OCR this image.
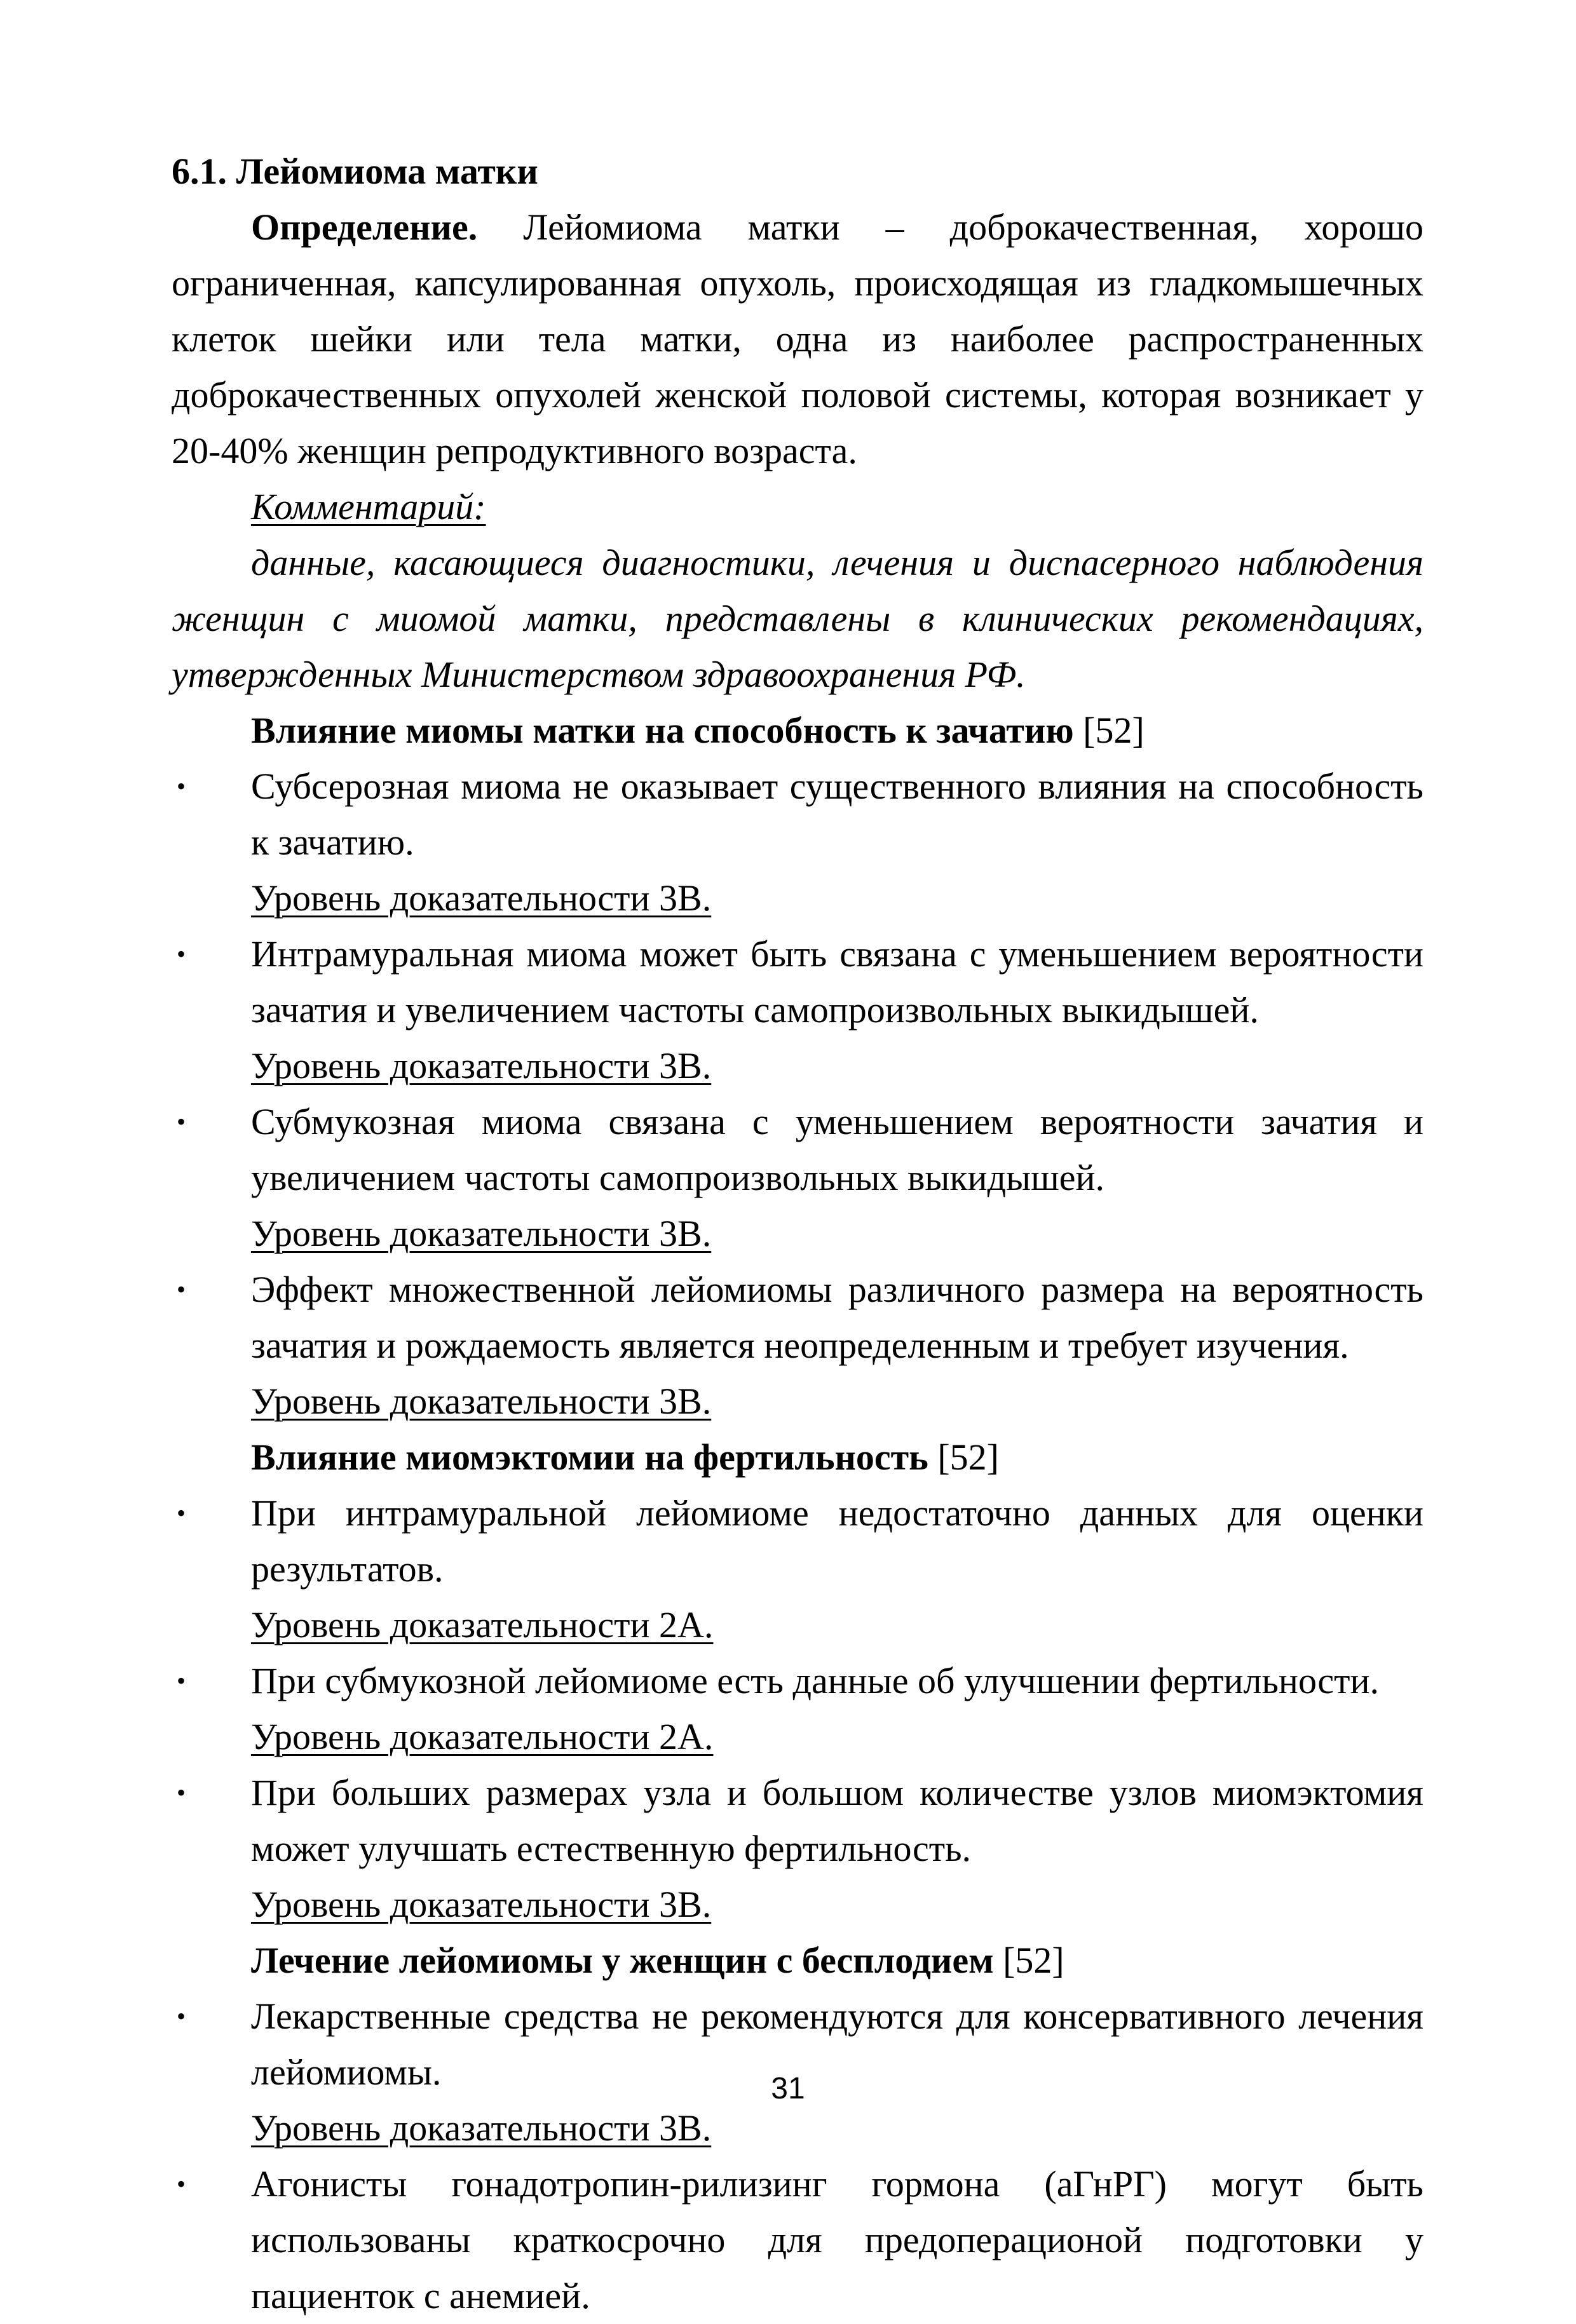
6.1. Лейомиома матки

Определение. Лейомиома матки – доброкачественная, хорошо ограниченная, капсулированная опухоль, происходящая из гладкомышечных клеток шейки или тела матки, одна из наиболее распространенных доброкачественных опухолей женской половой системы, которая возникает у 20-40% женщин репродуктивного возраста.

Комментарий:

данные, касающиеся диагностики, лечения и диспасерного наблюдения женщин с миомой матки, представлены в клинических рекомендациях, утвержденных Министерством здравоохранения РФ.

Влияние миомы матки на способность к зачатию [52]

• Субсерозная миома не оказывает существенного влияния на способность к зачатию.
Уровень доказательности 3В.
• Интрамуральная миома может быть связана с уменьшением вероятности зачатия и увеличением частоты самопроизвольных выкидышей.
Уровень доказательности 3В.
• Субмукозная миома связана с уменьшением вероятности зачатия и увеличением частоты самопроизвольных выкидышей.
Уровень доказательности 3В.
• Эффект множественной лейомиомы различного размера на вероятность зачатия и рождаемость является неопределенным и требует изучения.
Уровень доказательности 3В.

Влияние миомэктомии на фертильность [52]

• При интрамуральной лейомиоме недостаточно данных для оценки результатов.
Уровень доказательности 2А.
• При субмукозной лейомиоме есть данные об улучшении фертильности.
Уровень доказательности 2А.
• При больших размерах узла и большом количестве узлов миомэктомия может улучшать естественную фертильность.
Уровень доказательности 3В.

Лечение лейомиомы у женщин с бесплодием [52]

• Лекарственные средства не рекомендуются для консервативного лечения лейомиомы.
Уровень доказательности 3В.
• Агонисты гонадотропин-рилизинг гормона (аГнРГ) могут быть использованы краткосрочно для предоперационой подготовки у пациенток с анемией.
31
